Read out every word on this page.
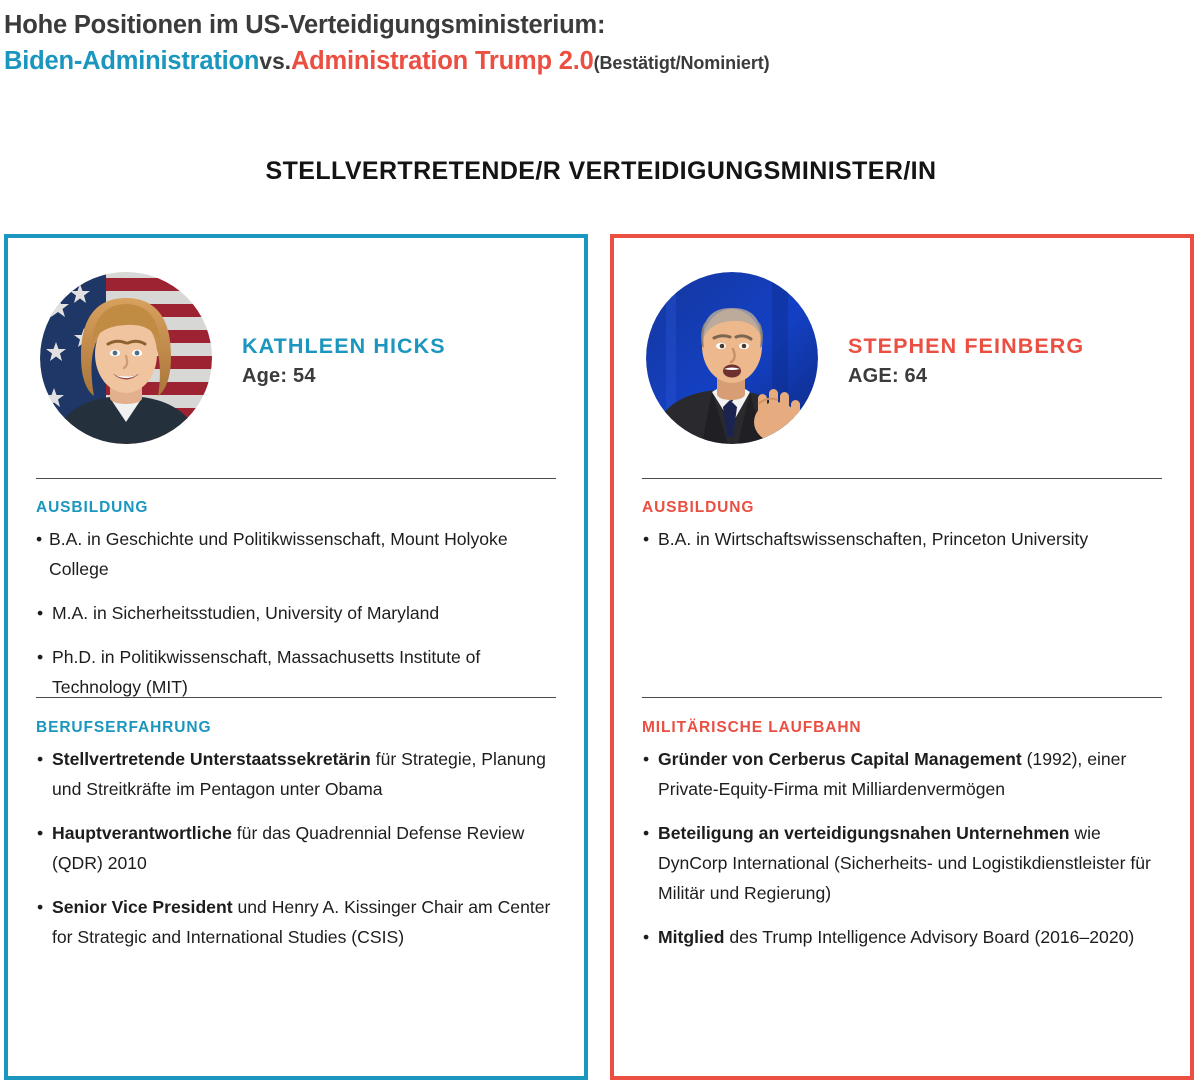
Hohe Positionen im US-Verteidigungsministerium:
Biden-Administrationvs.Administration Trump 2.0(Bestätigt/Nominiert)
STELLVERTRETENDE/R VERTEIDIGUNGSMINISTER/IN
KATHLEEN HICKS
Age: 54
AUSBILDUNG
• B.A. in Geschichte und Politikwissenschaft, Mount Holyoke College
• M.A. in Sicherheitsstudien, University of Maryland
• Ph.D. in Politikwissenschaft, Massachusetts Institute of Technology (MIT)
BERUFSERFAHRUNG
• Stellvertretende Unterstaatssekretärin für Strategie, Planung und Streitkräfte im Pentagon unter Obama
• Hauptverantwortliche für das Quadrennial Defense Review (QDR) 2010
• Senior Vice President und Henry A. Kissinger Chair am Center for Strategic and International Studies (CSIS)
STEPHEN FEINBERG
AGE: 64
AUSBILDUNG
• B.A. in Wirtschaftswissenschaften, Princeton University
MILITÄRISCHE LAUFBAHN
• Gründer von Cerberus Capital Management (1992), einer Private-Equity-Firma mit Milliardenvermögen
• Beteiligung an verteidigungsnahen Unternehmen wie DynCorp International (Sicherheits- und Logistikdienstleister für Militär und Regierung)
• Mitglied des Trump Intelligence Advisory Board (2016–2020)
